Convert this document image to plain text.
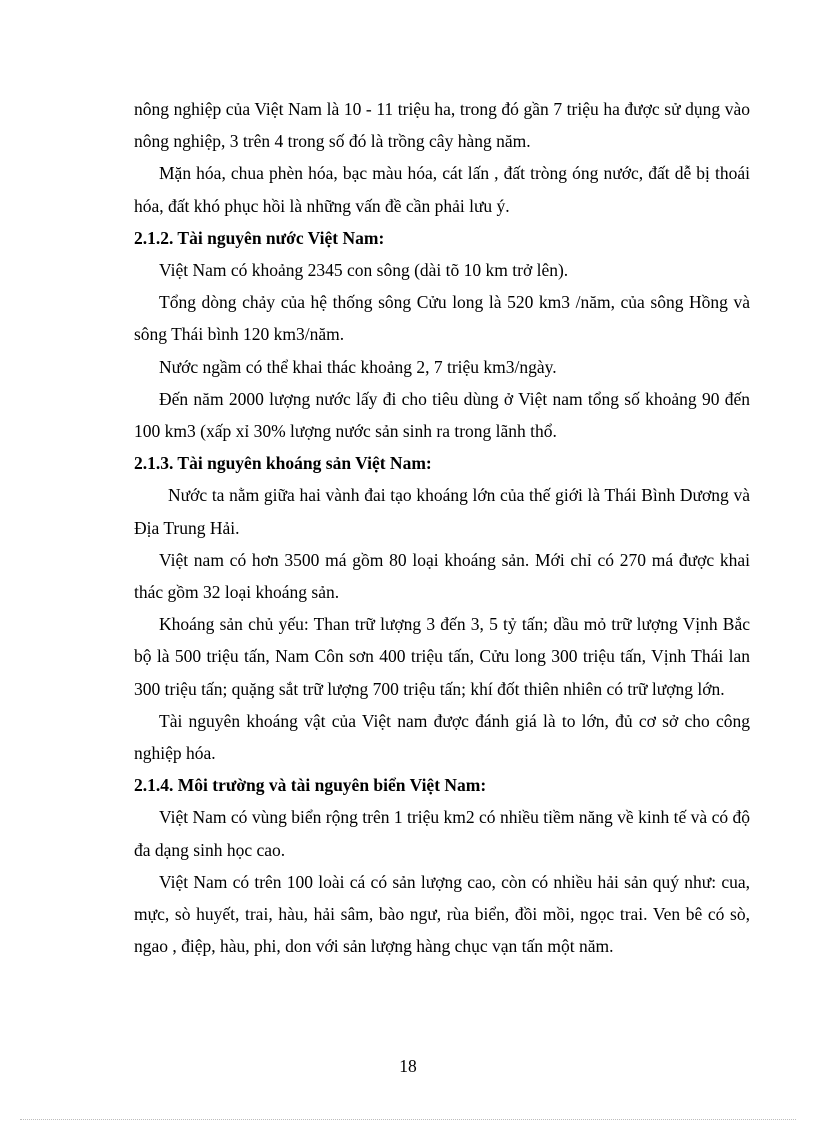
nông nghiệp của Việt Nam là 10 - 11 triệu ha, trong đó gần 7 triệu ha được sử dụng vào nông nghiệp, 3 trên 4 trong số đó là trồng cây hàng năm.

Mặn hóa, chua phèn hóa, bạc màu hóa, cát lấn , đất tròng óng nước, đất dễ bị thoái hóa, đất khó phục hồi là những vấn đề cần phải lưu ý.

2.1.2. Tài nguyên nước Việt Nam:

Việt Nam có khoảng 2345 con sông (dài tõ 10 km trở lên).

Tổng dòng chảy của hệ thống sông Cửu long là 520 km3 /năm, của sông Hồng và sông Thái bình 120 km3/năm.

Nước ngầm có thể khai thác khoảng 2, 7 triệu km3/ngày.

Đến năm 2000 lượng nước lấy đi cho tiêu dùng ở Việt nam tổng số khoảng 90 đến 100 km3 (xấp xỉ 30% lượng nước sản sinh ra trong lãnh thổ.

2.1.3. Tài nguyên khoáng sản Việt Nam:

Nước ta nằm giữa hai vành đai tạo khoáng lớn của thế giới là Thái Bình Dương và Địa Trung Hải.

Việt nam có hơn 3500 má gồm 80 loại khoáng sản. Mới chỉ có 270 má được khai thác gồm 32 loại khoáng sản.

Khoáng sản chủ yếu: Than trữ lượng 3 đến 3, 5 tỷ tấn; dầu mỏ trữ lượng Vịnh Bắc bộ là 500 triệu tấn, Nam Côn sơn 400 triệu tấn, Cửu long 300 triệu tấn, Vịnh Thái lan 300 triệu tấn; quặng sắt trữ lượng 700 triệu tấn; khí đốt thiên nhiên có trữ lượng lớn.

Tài nguyên khoáng vật của Việt nam được đánh giá là to lớn, đủ cơ sở cho công nghiệp hóa.

2.1.4. Môi trường và tài nguyên biển Việt Nam:

Việt Nam có vùng biển rộng trên 1 triệu km2 có nhiều tiềm năng về kinh tế và có độ đa dạng sinh học cao.

Việt Nam có trên 100 loài cá có sản lượng cao, còn có nhiều hải sản quý như: cua, mực, sò huyết, trai, hàu, hải sâm, bào ngư, rùa biển, đồi mồi, ngọc trai. Ven bê có sò, ngao , điệp, hàu, phi, don với sản lượng hàng chục vạn tấn một năm.

18
